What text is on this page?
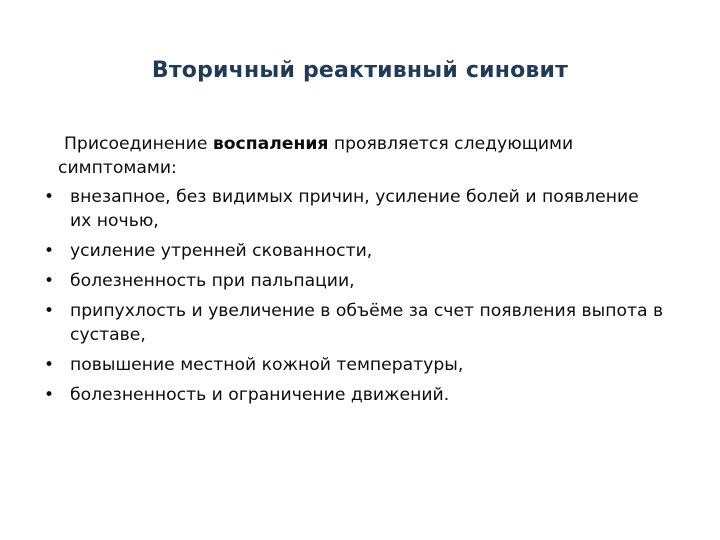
Вторичный реактивный синовит

Присоединение воспаления проявляется следующими
симптомами:

• внезапное, без видимых причин, усиление болей и появление их ночью,
• усиление утренней скованности,
• болезненность при пальпации,
• припухлость и увеличение в объёме за счет появления выпота в суставе,
• повышение местной кожной температуры,
• болезненность и ограничение движений.
